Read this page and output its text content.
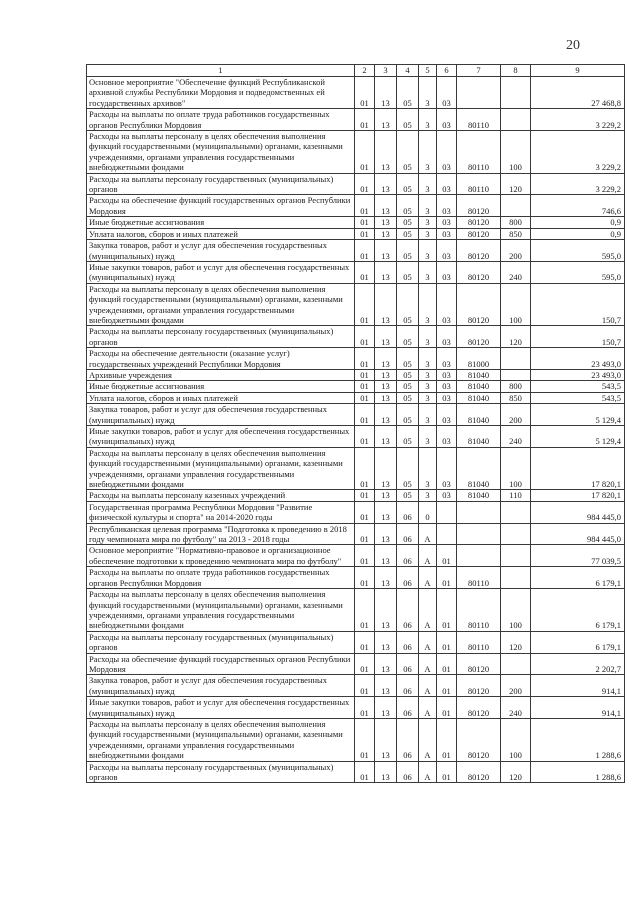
20
1	2	3	4	5	6	7	8	9
Основное мероприятие "Обеспечение функций Республиканской архивной службы Республики Мордовия и подведомственных ей государственных архивов"	01	13	05	3	03			27 468,8
Расходы на выплаты по оплате труда работников государственных органов Республики Мордовия	01	13	05	3	03	80110		3 229,2
Расходы на выплаты персоналу в целях обеспечения выполнения функций государственными (муниципальными) органами, казенными учреждениями, органами управления государственными внебюджетными фондами	01	13	05	3	03	80110	100	3 229,2
Расходы на выплаты персоналу государственных (муниципальных) органов	01	13	05	3	03	80110	120	3 229,2
Расходы на обеспечение функций государственных органов Республики Мордовия	01	13	05	3	03	80120		746,6
Иные бюджетные ассигнования	01	13	05	3	03	80120	800	0,9
Уплата налогов, сборов и иных платежей	01	13	05	3	03	80120	850	0,9
Закупка товаров, работ и услуг для обеспечения государственных (муниципальных) нужд	01	13	05	3	03	80120	200	595,0
Иные закупки товаров, работ и услуг для обеспечения государственных (муниципальных) нужд	01	13	05	3	03	80120	240	595,0
Расходы на выплаты персоналу в целях обеспечения выполнения функций государственными (муниципальными) органами, казенными учреждениями, органами управления государственными внебюджетными фондами	01	13	05	3	03	80120	100	150,7
Расходы на выплаты персоналу государственных (муниципальных) органов	01	13	05	3	03	80120	120	150,7
Расходы на обеспечение деятельности (оказание услуг) государственных учреждений Республики Мордовия	01	13	05	3	03	81000		23 493,0
Архивные учреждения	01	13	05	3	03	81040		23 493,0
Иные бюджетные ассигнования	01	13	05	3	03	81040	800	543,5
Уплата налогов, сборов и иных платежей	01	13	05	3	03	81040	850	543,5
Закупка товаров, работ и услуг для обеспечения государственных (муниципальных) нужд	01	13	05	3	03	81040	200	5 129,4
Иные закупки товаров, работ и услуг для обеспечения государственных (муниципальных) нужд	01	13	05	3	03	81040	240	5 129,4
Расходы на выплаты персоналу в целях обеспечения выполнения функций государственными (муниципальными) органами, казенными учреждениями, органами управления государственными внебюджетными фондами	01	13	05	3	03	81040	100	17 820,1
Расходы на выплаты персоналу казенных учреждений	01	13	05	3	03	81040	110	17 820,1
Государственная программа Республики Мордовия "Развитие физической культуры и спорта" на 2014-2020 годы	01	13	06	0				984 445,0
Республиканская целевая программа "Подготовка к проведению в 2018 году чемпионата мира по футболу" на 2013 - 2018 годы	01	13	06	А				984 445,0
Основное мероприятие "Нормативно-правовое и организационное обеспечение подготовки к проведению чемпионата мира по футболу"	01	13	06	А	01			77 039,5
Расходы на выплаты по оплате труда работников государственных органов Республики Мордовия	01	13	06	А	01	80110		6 179,1
Расходы на выплаты персоналу в целях обеспечения выполнения функций государственными (муниципальными) органами, казенными учреждениями, органами управления государственными внебюджетными фондами	01	13	06	А	01	80110	100	6 179,1
Расходы на выплаты персоналу государственных (муниципальных) органов	01	13	06	А	01	80110	120	6 179,1
Расходы на обеспечение функций государственных органов Республики Мордовия	01	13	06	А	01	80120		2 202,7
Закупка товаров, работ и услуг для обеспечения государственных (муниципальных) нужд	01	13	06	А	01	80120	200	914,1
Иные закупки товаров, работ и услуг для обеспечения государственных (муниципальных) нужд	01	13	06	А	01	80120	240	914,1
Расходы на выплаты персоналу в целях обеспечения выполнения функций государственными (муниципальными) органами, казенными учреждениями, органами управления государственными внебюджетными фондами	01	13	06	А	01	80120	100	1 288,6
Расходы на выплаты персоналу государственных (муниципальных) органов	01	13	06	А	01	80120	120	1 288,6
